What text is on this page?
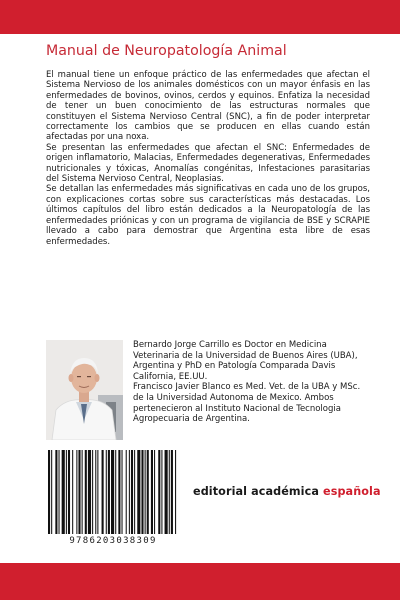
Manual de Neuropatología Animal

El manual tiene un enfoque práctico de las enfermedades que afectan el Sistema Nervioso de los animales domésticos con un mayor énfasis en las enfermedades de bovinos, ovinos, cerdos y equinos. Enfatiza la necesidad de tener un buen conocimiento de las estructuras normales que constituyen el Sistema Nervioso Central (SNC), a fin de poder interpretar correctamente los cambios que se producen en ellas cuando están afectadas por una noxa.

Se presentan las enfermedades que afectan el SNC: Enfermedades de origen inflamatorio, Malacias, Enfermedades degenerativas, Enfermedades nutricionales y tóxicas, Anomalías congénitas, Infestaciones parasitarias del Sistema Nervioso Central, Neoplasias.

Se detallan las enfermedades más significativas en cada uno de los grupos, con explicaciones cortas sobre sus características más destacadas. Los últimos capítulos del libro están dedicados a la Neuropatología de las enfermedades priónicas y con un programa de vigilancia de BSE y SCRAPIE llevado a cabo para demostrar que Argentina esta libre de esas enfermedades.

Bernardo Jorge Carrillo es Doctor en Medicina Veterinaria de la Universidad de Buenos Aires (UBA), Argentina y PhD en Patología Comparada Davis California, EE.UU.

Francisco Javier Blanco es Med. Vet. de la UBA y MSc. de la Universidad Autonoma de Mexico. Ambos pertenecieron al Instituto Nacional de Tecnologia Agropecuaria de Argentina.

9786203038309
editorial académica española
